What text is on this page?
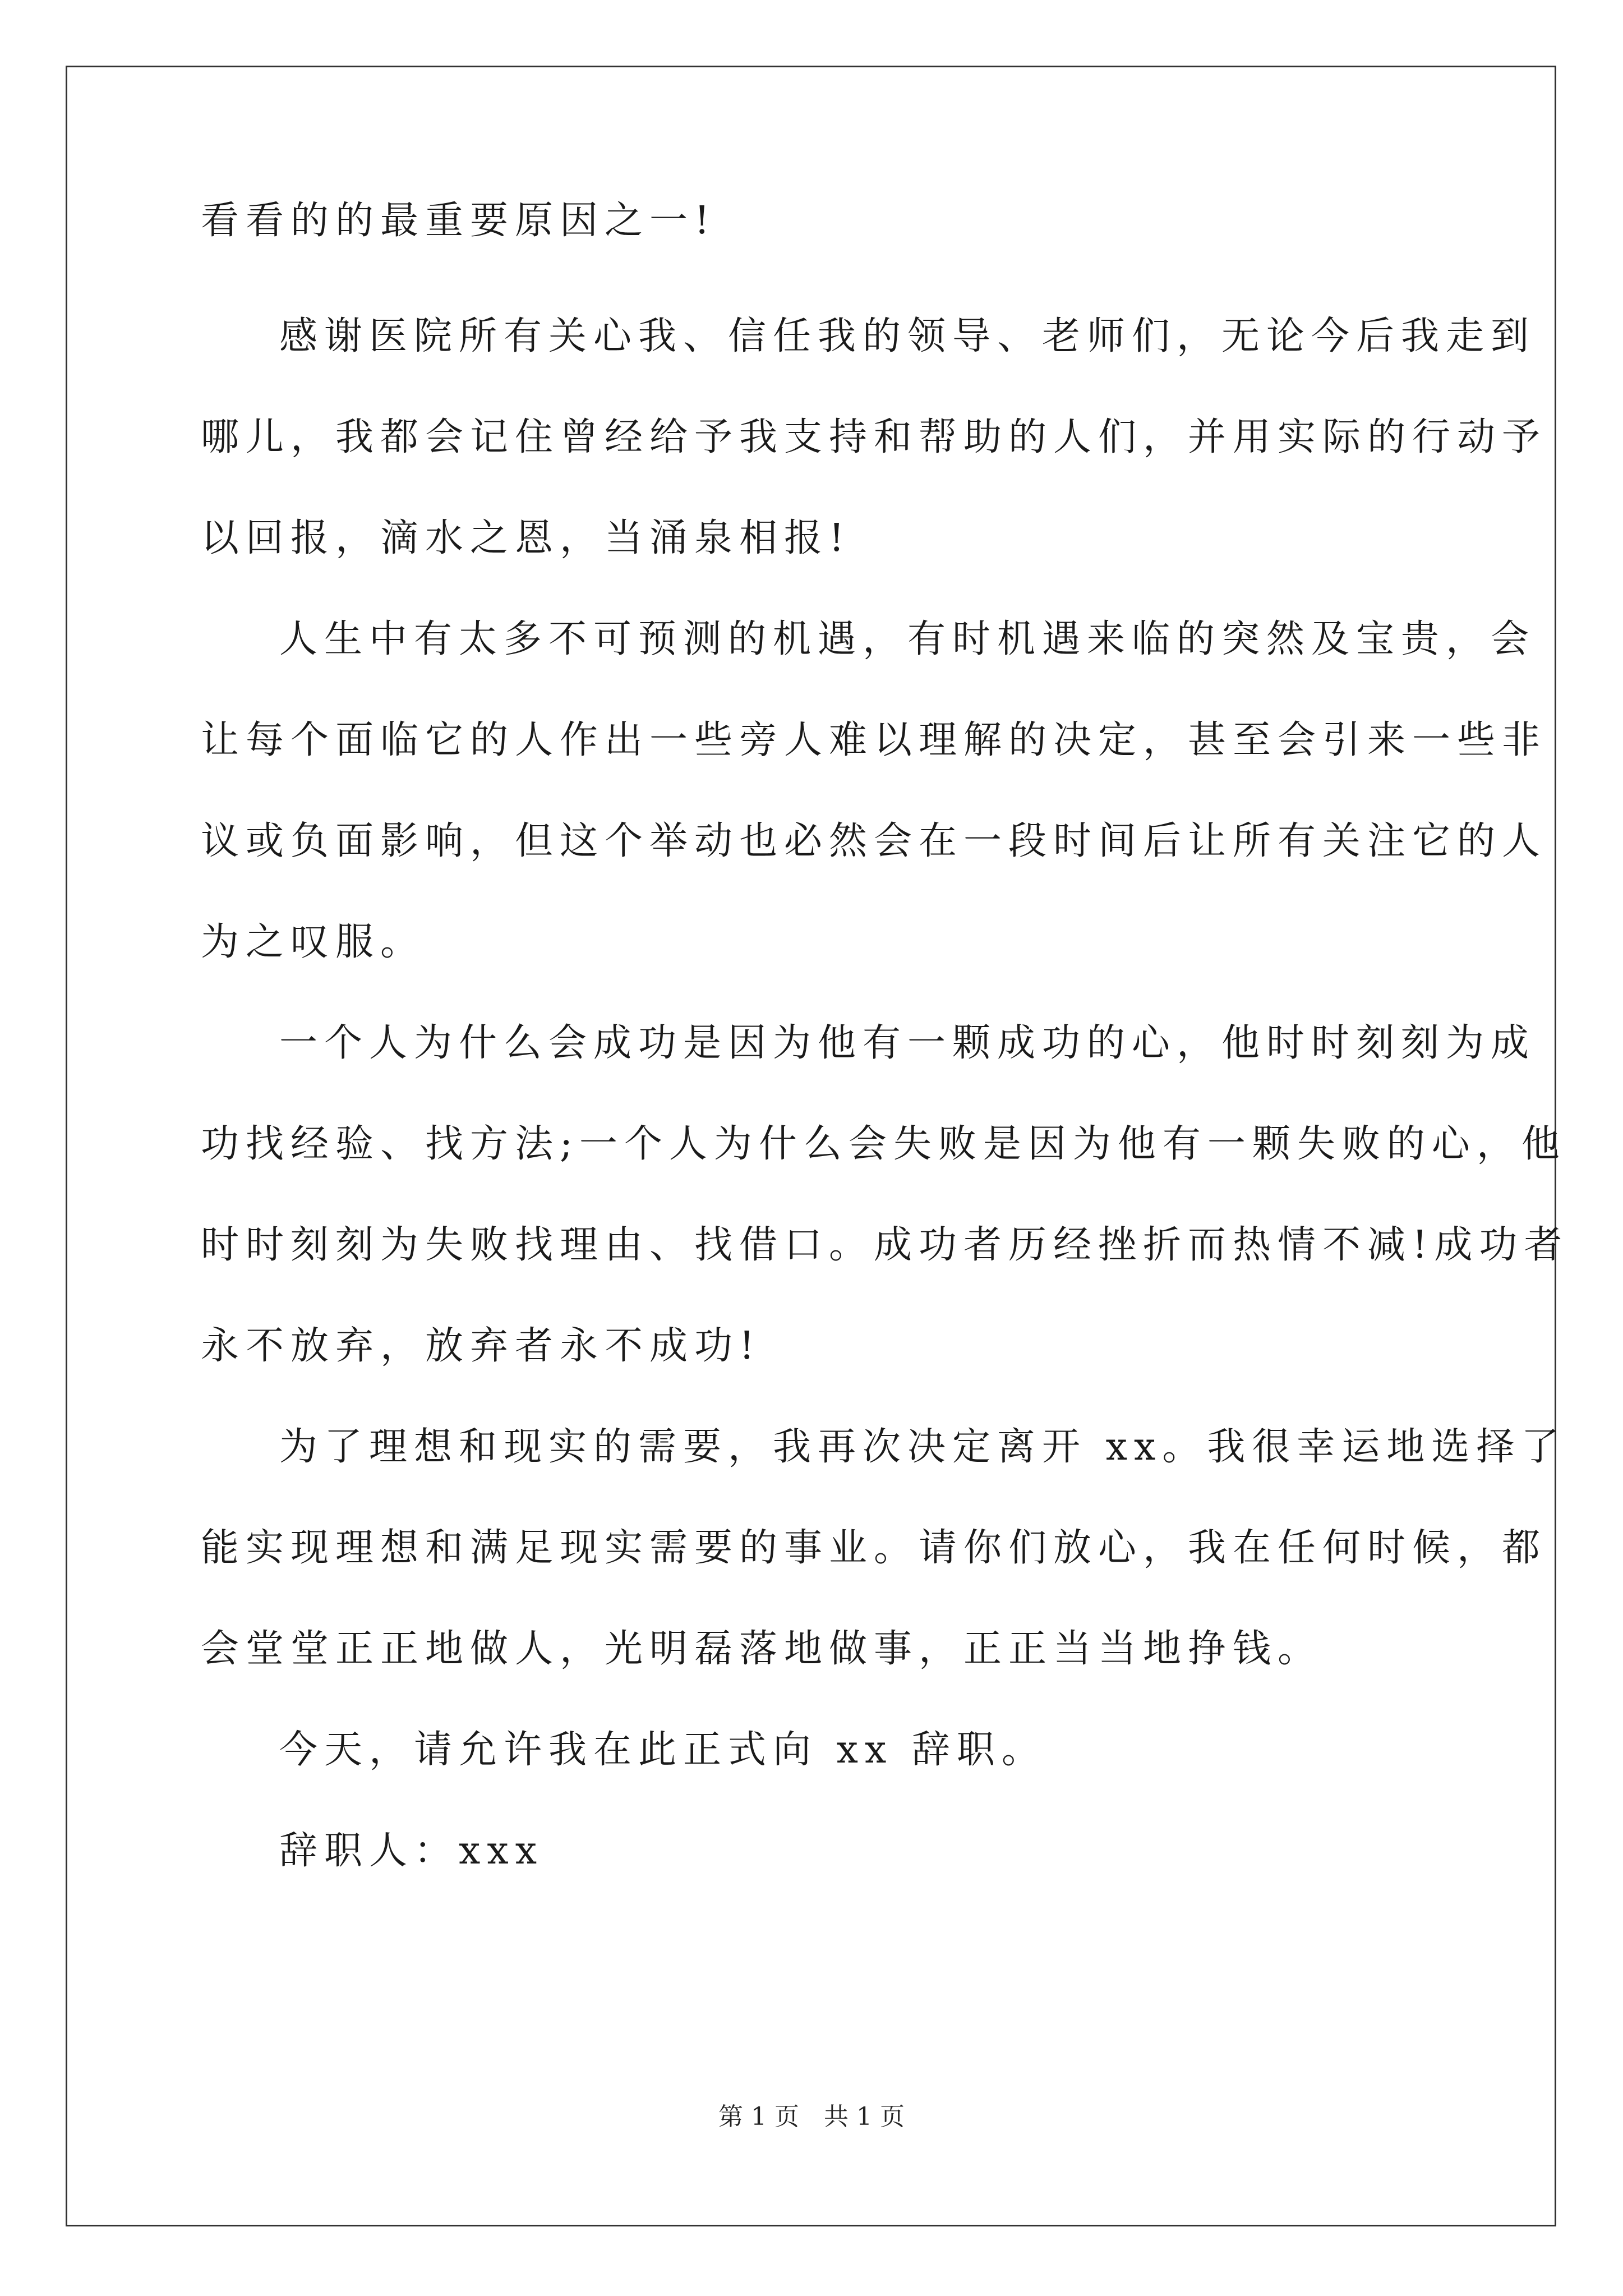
看看的的最重要原因之一!
感谢医院所有关心我、信任我的领导、老师们，无论今后我走到
哪儿，我都会记住曾经给予我支持和帮助的人们，并用实际的行动予
以回报，滴水之恩，当涌泉相报!
人生中有太多不可预测的机遇，有时机遇来临的突然及宝贵，会
让每个面临它的人作出一些旁人难以理解的决定，甚至会引来一些非
议或负面影响，但这个举动也必然会在一段时间后让所有关注它的人
为之叹服。
一个人为什么会成功是因为他有一颗成功的心，他时时刻刻为成
功找经验、找方法;一个人为什么会失败是因为他有一颗失败的心，他
时时刻刻为失败找理由、找借口。成功者历经挫折而热情不减!成功者
永不放弃，放弃者永不成功!
为了理想和现实的需要，我再次决定离开 xx。我很幸运地选择了
能实现理想和满足现实需要的事业。请你们放心，我在任何时候，都
会堂堂正正地做人，光明磊落地做事，正正当当地挣钱。
今天，请允许我在此正式向 xx 辞职。
辞职人：xxx
第 1 页　共 1 页
